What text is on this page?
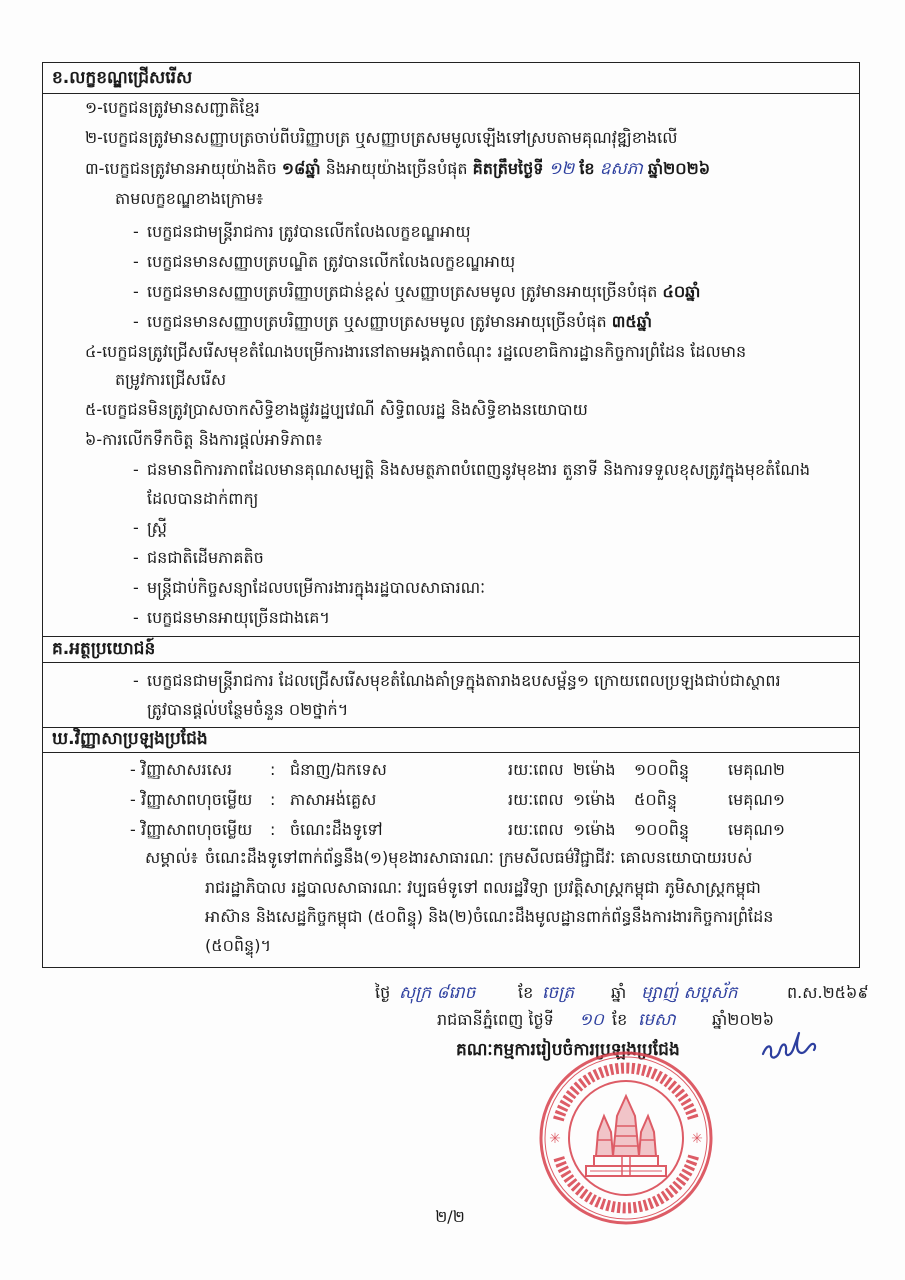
ខ.លក្ខខណ្ឌជ្រើសរើស
១-បេក្ខជនត្រូវមានសញ្ជាតិខ្មែរ
២-បេក្ខជនត្រូវមានសញ្ញាបត្រចាប់ពីបរិញ្ញាបត្រ ឬសញ្ញាបត្រសមមូលឡើងទៅស្របតាមគុណវុឌ្ឍិខាងលើ
៣-បេក្ខជនត្រូវមានអាយុយ៉ាងតិច ១៨ឆ្នាំ និងអាយុយ៉ាងច្រើនបំផុត គិតត្រឹមថ្ងៃទី ១២ ខែ ឧសភា ឆ្នាំ២០២៦
តាមលក្ខខណ្ឌខាងក្រោម៖
- បេក្ខជនជាមន្ត្រីរាជការ ត្រូវបានលើកលែងលក្ខខណ្ឌអាយុ
- បេក្ខជនមានសញ្ញាបត្របណ្ឌិត ត្រូវបានលើកលែងលក្ខខណ្ឌអាយុ
- បេក្ខជនមានសញ្ញាបត្របរិញ្ញាបត្រជាន់ខ្ពស់ ឬសញ្ញាបត្រសមមូល ត្រូវមានអាយុច្រើនបំផុត ៤០ឆ្នាំ
- បេក្ខជនមានសញ្ញាបត្របរិញ្ញាបត្រ ឬសញ្ញាបត្រសមមូល ត្រូវមានអាយុច្រើនបំផុត ៣៥ឆ្នាំ
៤-បេក្ខជនត្រូវជ្រើសរើសមុខតំណែងបម្រើការងារនៅតាមអង្គភាពចំណុះ រដ្ឋលេខាធិការដ្ឋានកិច្ចការព្រំដែន ដែលមាន
តម្រូវការជ្រើសរើស
៥-បេក្ខជនមិនត្រូវប្រាសចាកសិទ្ធិខាងផ្លូវរដ្ឋប្បវេណី សិទ្ធិពលរដ្ឋ និងសិទ្ធិខាងនយោបាយ
៦-ការលើកទឹកចិត្ត និងការផ្ដល់អាទិភាព៖
- ជនមានពិការភាពដែលមានគុណសម្បត្តិ និងសមត្ថភាពបំពេញនូវមុខងារ តួនាទី និងការទទួលខុសត្រូវក្នុងមុខតំណែង
ដែលបានដាក់ពាក្យ
- ស្ត្រី
- ជនជាតិដើមភាគតិច
- មន្ត្រីជាប់កិច្ចសន្យាដែលបម្រើការងារក្នុងរដ្ឋបាលសាធារណៈ
- បេក្ខជនមានអាយុច្រើនជាងគេ។
គ.អត្ថប្រយោជន៍
- បេក្ខជនជាមន្ត្រីរាជការ ដែលជ្រើសរើសមុខតំណែងគាំទ្រក្នុងតារាងឧបសម្ព័ន្ធ១ ក្រោយពេលប្រឡងជាប់ជាស្ថាពរ
ត្រូវបានផ្ដល់បន្ថែមចំនួន ០២ថ្នាក់។
ឃ.វិញ្ញាសាប្រឡងប្រជែង
- វិញ្ញាសាសរសេរ	: ជំនាញ/ឯកទេស	រយៈពេល ២ម៉ោង	១០០ពិន្ទុ	មេគុណ២
- វិញ្ញាសាពហុចម្លើយ	: ភាសាអង់គ្លេស	រយៈពេល ១ម៉ោង	៥០ពិន្ទុ	មេគុណ១
- វិញ្ញាសាពហុចម្លើយ	: ចំណេះដឹងទូទៅ	រយៈពេល ១ម៉ោង	១០០ពិន្ទុ	មេគុណ១
សម្គាល់៖ ចំណេះដឹងទូទៅពាក់ព័ន្ធនឹង(១)មុខងារសាធារណៈ ក្រមសីលធម៌វិជ្ជាជីវៈ គោលនយោបាយរបស់
រាជរដ្ឋាភិបាល រដ្ឋបាលសាធារណៈ វប្បធម៌ទូទៅ ពលរដ្ឋវិទ្យា ប្រវត្តិសាស្ត្រកម្ពុជា ភូមិសាស្ត្រកម្ពុជា
អាស៊ាន និងសេដ្ឋកិច្ចកម្ពុជា (៥០ពិន្ទុ) និង(២)ចំណេះដឹងមូលដ្ឋានពាក់ព័ន្ធនឹងការងារកិច្ចការព្រំដែន
(៥០ពិន្ទុ)។
ថ្ងៃ សុក្រ ៨រោច	ខែ ចេត្រ	ឆ្នាំ ម្សាញ់ សប្តស័ក	ព.ស.២៥៦៩
រាជធានីភ្នំពេញ ថ្ងៃទី	១០ ខែ មេសា	ឆ្នាំ២០២៦
គណៈកម្មការរៀបចំការប្រឡងប្រជែង
✳	✳
២/២
